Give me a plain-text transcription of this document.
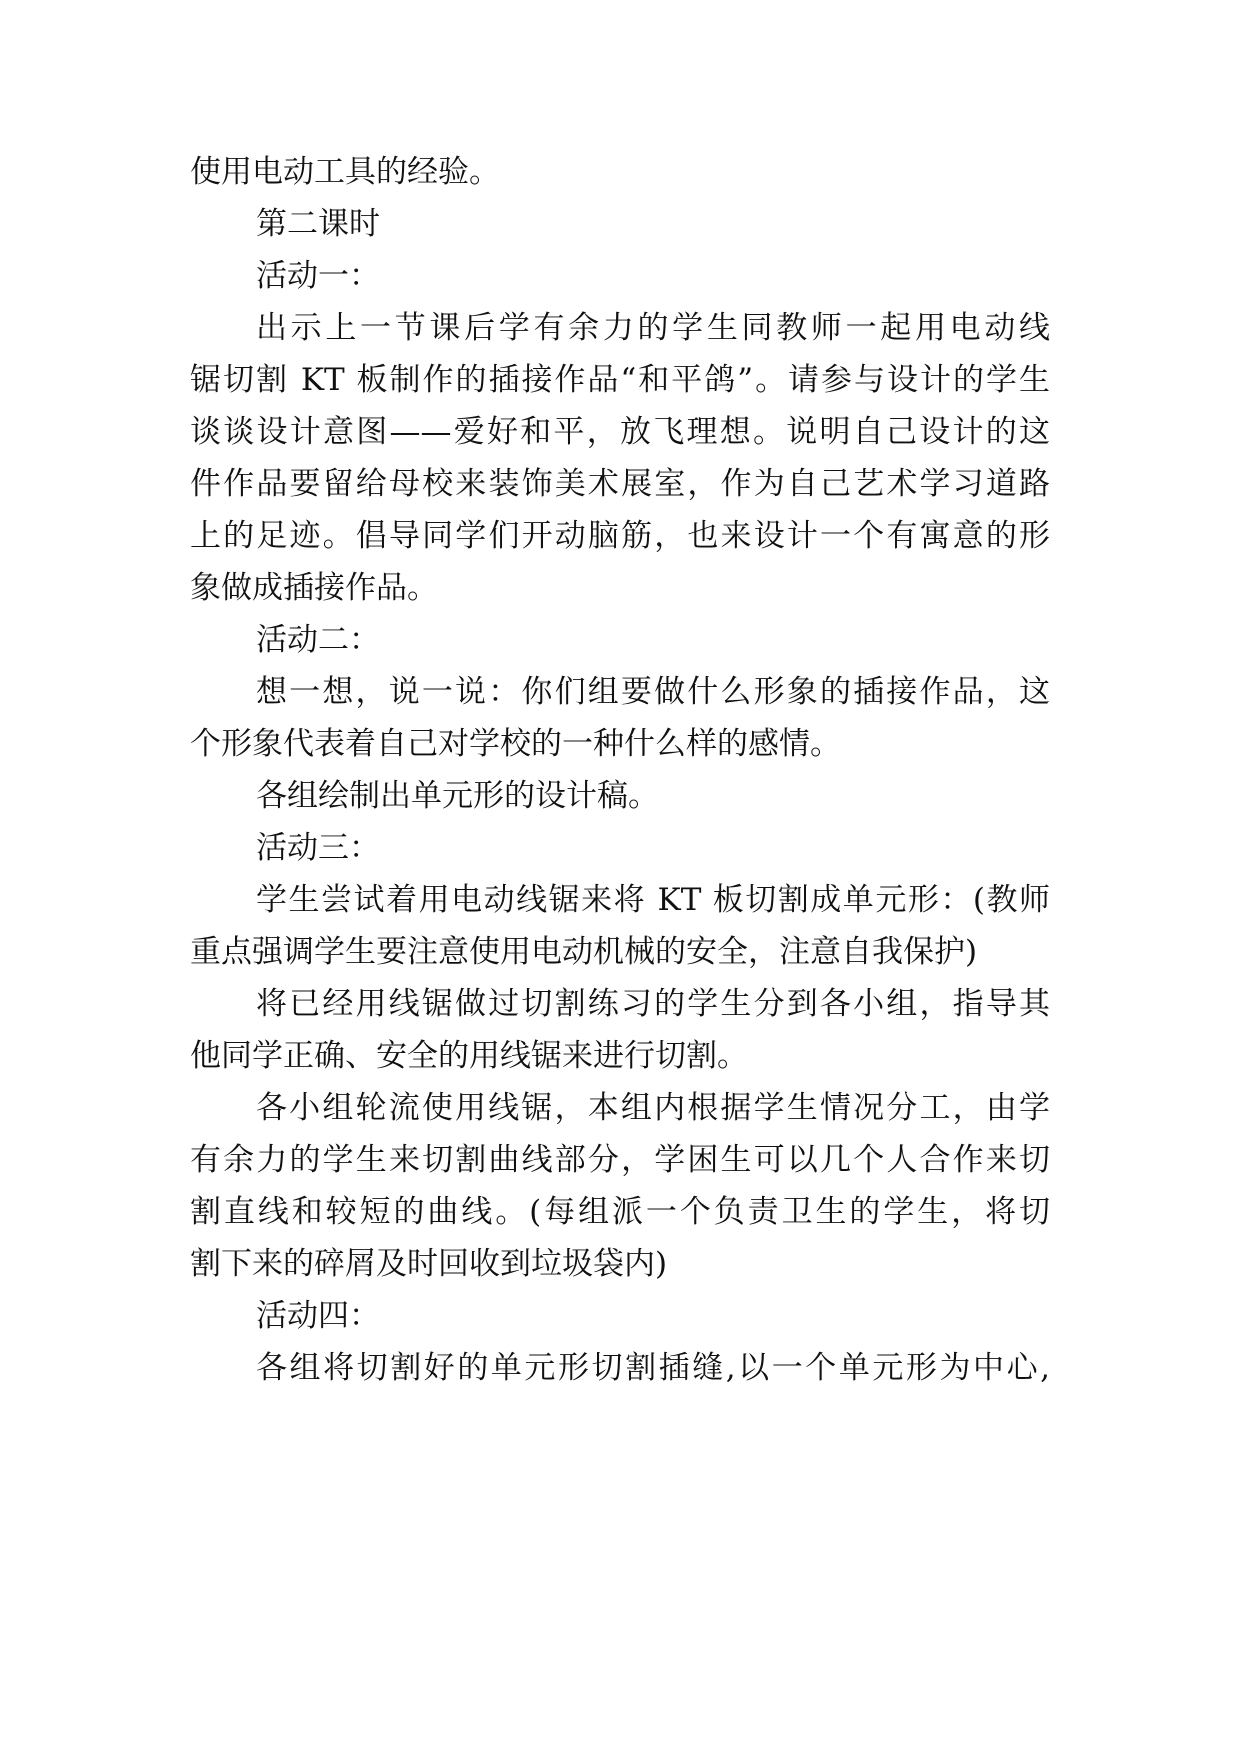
使用电动工具的经验。
第二课时
活动一：
出示上一节课后学有余力的学生同教师一起用电动线
锯切割 KT 板制作的插接作品“和平鸽”。请参与设计的学生
谈谈设计意图——爱好和平，放飞理想。说明自己设计的这
件作品要留给母校来装饰美术展室，作为自己艺术学习道路
上的足迹。倡导同学们开动脑筋，也来设计一个有寓意的形
象做成插接作品。
活动二：
想一想，说一说：你们组要做什么形象的插接作品，这
个形象代表着自己对学校的一种什么样的感情。
各组绘制出单元形的设计稿。
活动三：
学生尝试着用电动线锯来将 KT 板切割成单元形：(教师
重点强调学生要注意使用电动机械的安全，注意自我保护)
将已经用线锯做过切割练习的学生分到各小组，指导其
他同学正确、安全的用线锯来进行切割。
各小组轮流使用线锯，本组内根据学生情况分工，由学
有余力的学生来切割曲线部分，学困生可以几个人合作来切
割直线和较短的曲线。(每组派一个负责卫生的学生，将切
割下来的碎屑及时回收到垃圾袋内)
活动四：
各组将切割好的单元形切割插缝,以一个单元形为中心,
